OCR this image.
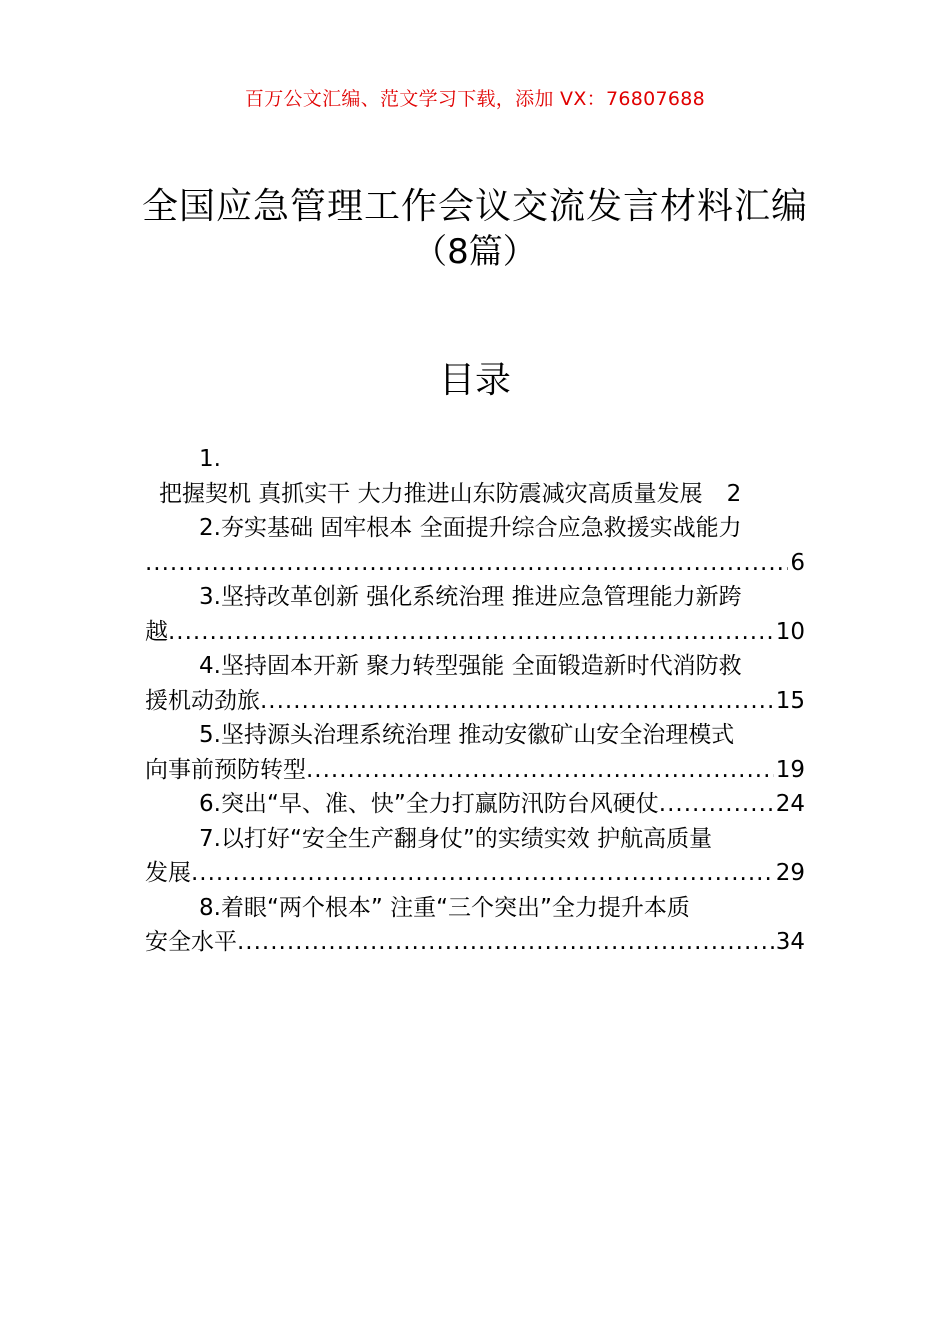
百万公文汇编、范文学习下载，添加 VX：76807688
全国应急管理工作会议交流发言材料汇编
（8篇）
目录
1.
把握契机 真抓实干 大力推进山东防震减灾高质量发展	2
2. 夯实基础 固牢根本 全面提升综合应急救援实战能力
.....
6
3. 坚持改革创新 强化系统治理 推进应急管理能力新跨
越 .....	10
4. 坚持固本开新 聚力转型强能 全面锻造新时代消防救
援机动劲旅 .....	15
5. 坚持源头治理系统治理 推动安徽矿山安全治理模式
向事前预防转型 .....	19
6. 突出“早、准、快”全力打赢防汛防台风硬仗 .....	24
7. 以打好“安全生产翻身仗”的实绩实效 护航高质量
发展 .....	29
8. 着眼“两个根本” 注重“三个突出”全力提升本质
安全水平 .....	34
